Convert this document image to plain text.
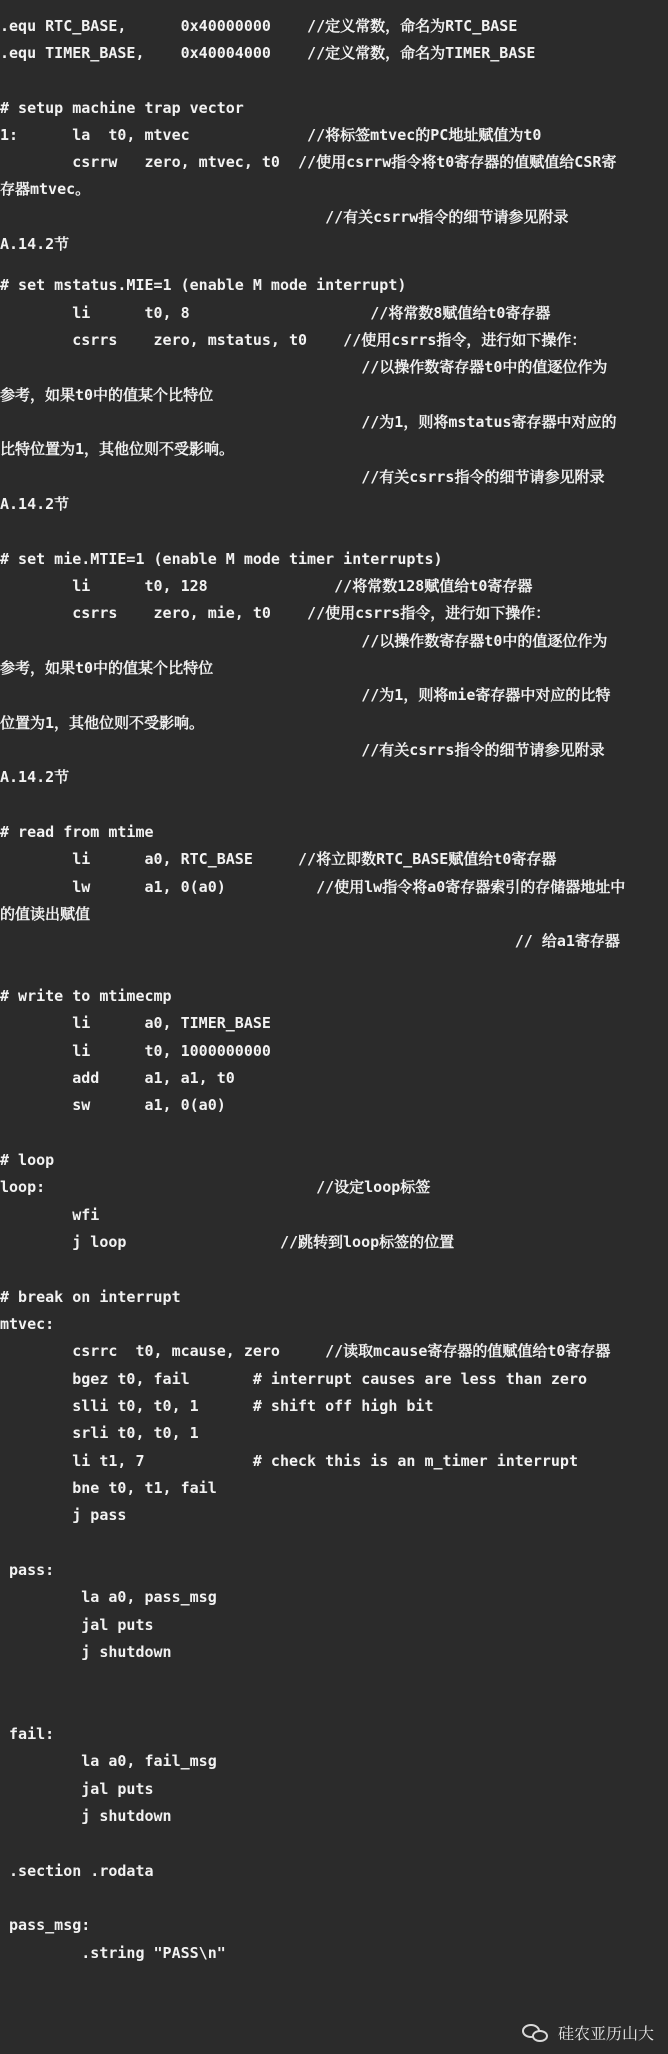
.equ RTC_BASE,      0x40000000    //定义常数，命名为RTC_BASE
.equ TIMER_BASE,    0x40004000    //定义常数，命名为TIMER_BASE
# setup machine trap vector
1:      la  t0, mtvec             //将标签mtvec的PC地址赋值为t0
csrrw   zero, mtvec, t0  //使用csrrw指令将t0寄存器的值赋值给CSR寄
存器mtvec。
//有关csrrw指令的细节请参见附录
A.14.2节
# set mstatus.MIE=1 (enable M mode interrupt)
li      t0, 8                    //将常数8赋值给t0寄存器
csrrs    zero, mstatus, t0    //使用csrrs指令，进行如下操作：
//以操作数寄存器t0中的值逐位作为
参考，如果t0中的值某个比特位
//为1，则将mstatus寄存器中对应的
比特位置为1，其他位则不受影响。
//有关csrrs指令的细节请参见附录
A.14.2节
# set mie.MTIE=1 (enable M mode timer interrupts)
li      t0, 128              //将常数128赋值给t0寄存器
csrrs    zero, mie, t0    //使用csrrs指令，进行如下操作：
//以操作数寄存器t0中的值逐位作为
参考，如果t0中的值某个比特位
//为1，则将mie寄存器中对应的比特
位置为1，其他位则不受影响。
//有关csrrs指令的细节请参见附录
A.14.2节
# read from mtime
li      a0, RTC_BASE     //将立即数RTC_BASE赋值给t0寄存器
lw      a1, 0(a0)          //使用lw指令将a0寄存器索引的存储器地址中
的值读出赋值
// 给a1寄存器
# write to mtimecmp
li      a0, TIMER_BASE
li      t0, 1000000000
add     a1, a1, t0
sw      a1, 0(a0)
# loop
loop:                              //设定loop标签
wfi
j loop                 //跳转到loop标签的位置
# break on interrupt
mtvec:
csrrc  t0, mcause, zero     //读取mcause寄存器的值赋值给t0寄存器
bgez t0, fail       # interrupt causes are less than zero
slli t0, t0, 1      # shift off high bit
srli t0, t0, 1
li t1, 7            # check this is an m_timer interrupt
bne t0, t1, fail
j pass
pass:
la a0, pass_msg
jal puts
j shutdown
fail:
la a0, fail_msg
jal puts
j shutdown
.section .rodata
pass_msg:
.string "PASS\n"
硅农亚历山大
